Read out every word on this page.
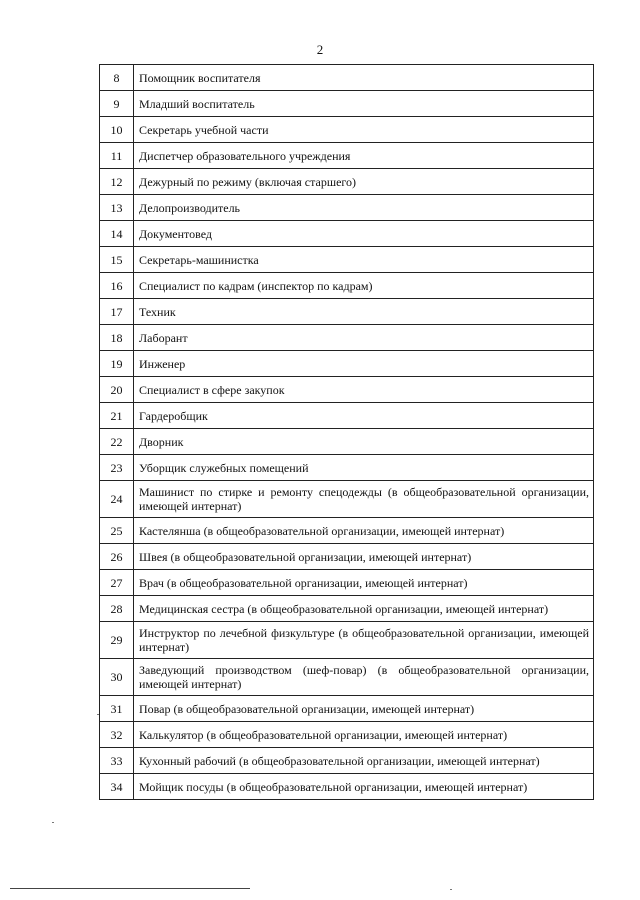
2
8	Помощник воспитателя
9	Младший воспитатель
10	Секретарь учебной части
11	Диспетчер образовательного учреждения
12	Дежурный по режиму (включая старшего)
13	Делопроизводитель
14	Документовед
15	Секретарь-машинистка
16	Специалист по кадрам (инспектор по кадрам)
17	Техник
18	Лаборант
19	Инженер
20	Специалист в сфере закупок
21	Гардеробщик
22	Дворник
23	Уборщик служебных помещений
24	Машинист по стирке и ремонту спецодежды (в общеобразовательной организации, имеющей интернат)
25	Кастелянша (в общеобразовательной организации, имеющей интернат)
26	Швея (в общеобразовательной организации, имеющей интернат)
27	Врач (в общеобразовательной организации, имеющей интернат)
28	Медицинская сестра (в общеобразовательной организации, имеющей интернат)
29	Инструктор по лечебной физкультуре (в общеобразовательной организации, имеющей интернат)
30	Заведующий производством (шеф-повар) (в общеобразовательной организации, имеющей интернат)
31	Повар (в общеобразовательной организации, имеющей интернат)
32	Калькулятор (в общеобразовательной организации, имеющей интернат)
33	Кухонный рабочий (в общеобразовательной организации, имеющей интернат)
34	Мойщик посуды (в общеобразовательной организации, имеющей интернат)
